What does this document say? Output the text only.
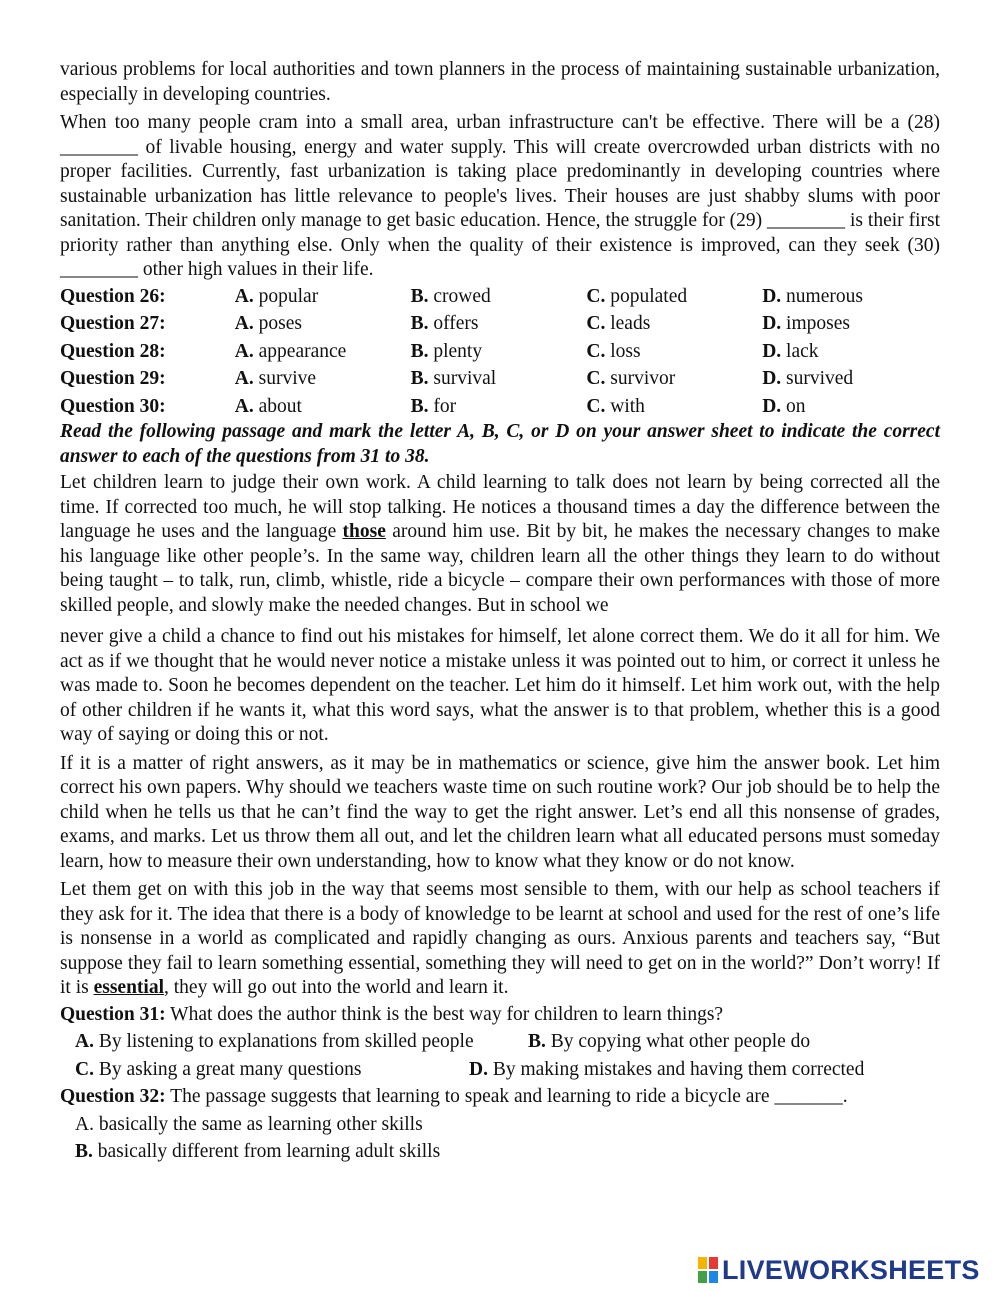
various problems for local authorities and town planners in the process of maintaining sustainable urbanization, especially in developing countries.

When too many people cram into a small area, urban infrastructure can't be effective. There will be a (28) ________ of livable housing, energy and water supply. This will create overcrowded urban districts with no proper facilities. Currently, fast urbanization is taking place predominantly in developing countries where sustainable urbanization has little relevance to people's lives. Their houses are just shabby slums with poor sanitation. Their children only manage to get basic education. Hence, the struggle for (29) ________ is their first priority rather than anything else. Only when the quality of their existence is improved, can they seek (30) ________ other high values in their life.

Question 26:	A. popular	B. crowed	C. populated	D. numerous
Question 27:	A. poses	B. offers	C. leads	D. imposes
Question 28:	A. appearance	B. plenty	C. loss	D. lack
Question 29:	A. survive	B. survival	C. survivor	D. survived
Question 30:	A. about	B. for	C. with	D. on

Read the following passage and mark the letter A, B, C, or D on your answer sheet to indicate the correct answer to each of the questions from 31 to 38.

Let children learn to judge their own work. A child learning to talk does not learn by being corrected all the time. If corrected too much, he will stop talking. He notices a thousand times a day the difference between the language he uses and the language those around him use. Bit by bit, he makes the necessary changes to make his language like other people’s. In the same way, children learn all the other things they learn to do without being taught – to talk, run, climb, whistle, ride a bicycle – compare their own performances with those of more skilled people, and slowly make the needed changes. But in school we

never give a child a chance to find out his mistakes for himself, let alone correct them. We do it all for him. We act as if we thought that he would never notice a mistake unless it was pointed out to him, or correct it unless he was made to. Soon he becomes dependent on the teacher. Let him do it himself. Let him work out, with the help of other children if he wants it, what this word says, what the answer is to that problem, whether this is a good way of saying or doing this or not.

If it is a matter of right answers, as it may be in mathematics or science, give him the answer book. Let him correct his own papers. Why should we teachers waste time on such routine work? Our job should be to help the child when he tells us that he can’t find the way to get the right answer. Let’s end all this nonsense of grades, exams, and marks. Let us throw them all out, and let the children learn what all educated persons must someday learn, how to measure their own understanding, how to know what they know or do not know.

Let them get on with this job in the way that seems most sensible to them, with our help as school teachers if they ask for it. The idea that there is a body of knowledge to be learnt at school and used for the rest of one’s life is nonsense in a world as complicated and rapidly changing as ours. Anxious parents and teachers say, “But suppose they fail to learn something essential, something they will need to get on in the world?” Don’t worry! If it is essential, they will go out into the world and learn it.

Question 31: What does the author think is the best way for children to learn things?

A. By listening to explanations from skilled people	B. By copying what other people do
C. By asking a great many questions	D. By making mistakes and having them corrected

Question 32: The passage suggests that learning to speak and learning to ride a bicycle are _______.

A. basically the same as learning other skills
B. basically different from learning adult skills
LIVEWORKSHEETS
